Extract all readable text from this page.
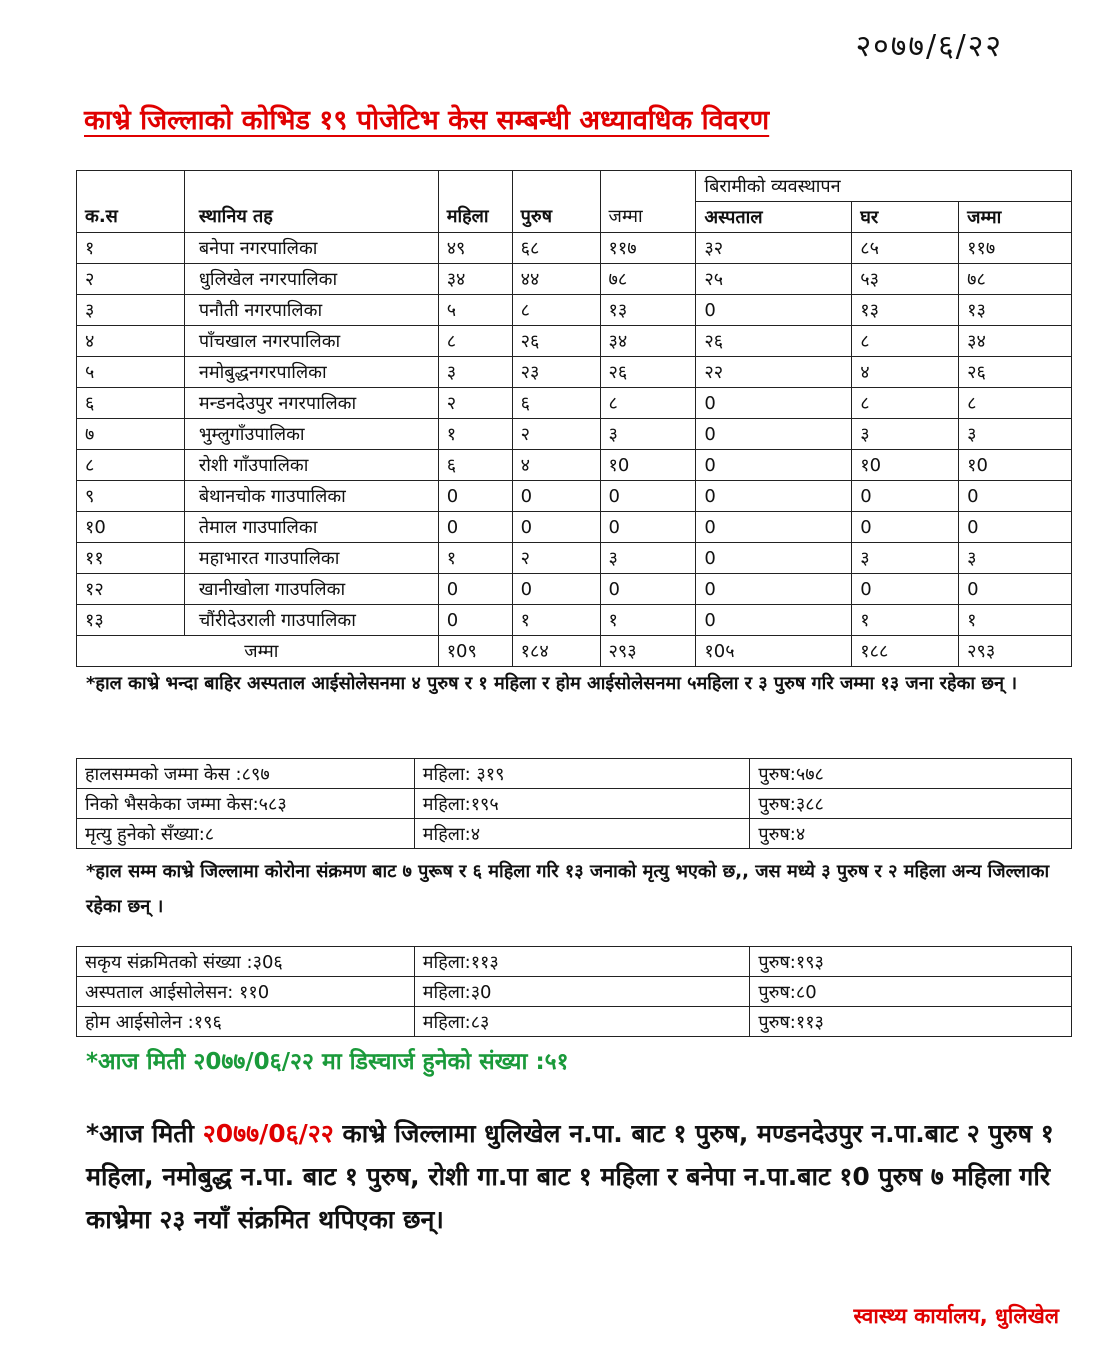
२०७७/६/२२
काभ्रे जिल्लाको कोभिड १९ पोजेटिभ केस सम्बन्धी अध्यावधिक विवरण
क.स	स्थानिय तह	महिला	पुरुष	जम्मा	बिरामीको व्यवस्थापन		
					अस्पताल	घर	जम्मा
१	बनेपा नगरपालिका	४९	६८	११७	३२	८५	११७
२	धुलिखेल नगरपालिका	३४	४४	७८	२५	५३	७८
३	पनौती नगरपालिका	५	८	१३	0	१३	१३
४	पाँचखाल नगरपालिका	८	२६	३४	२६	८	३४
५	नमोबुद्धनगरपालिका	३	२३	२६	२२	४	२६
६	मन्डनदेउपुर नगरपालिका	२	६	८	0	८	८
७	भुम्लुगाँउपालिका	१	२	३	0	३	३
८	रोशी गाँउपालिका	६	४	१0	0	१0	१0
९	बेथानचोक गाउपालिका	0	0	0	0	0	0
१0	तेमाल गाउपालिका	0	0	0	0	0	0
११	महाभारत गाउपालिका	१	२	३	0	३	३
१२	खानीखोला गाउपलिका	0	0	0	0	0	0
१३	चौंरीदेउराली गाउपालिका	0	१	१	0	१	१
जम्मा		१0९	१८४	२९३	१0५	१८८	२९३
*हाल काभ्रे भन्दा बाहिर अस्पताल आईसोलेसनमा ४ पुरुष र १ महिला र होम आईसोलेसनमा ५महिला र ३ पुरुष गरि जम्मा १३ जना रहेका छन् ।
हालसम्मको जम्मा केस :८९७	महिला: ३१९	पुरुष:५७८
निको भैसकेका जम्मा केस:५८३	महिला:१९५	पुरुष:३८८
मृत्यु हुनेको सँख्या:८	महिला:४	पुरुष:४
*हाल सम्म काभ्रे जिल्लामा कोरोना संक्रमण बाट ७ पुरूष र ६ महिला गरि १३ जनाको मृत्यु भएको छ,, जस मध्ये ३ पुरुष र २ महिला अन्य जिल्लाका रहेका छन् ।
सकृय संक्रमितको संख्या :३0६	महिला:११३	पुरुष:१९३
अस्पताल आईसोलेसन: ११0	महिला:३0	पुरुष:८0
होम आईसोलेन :१९६	महिला:८३	पुरुष:११३
*आज मिती २0७७/0६/२२ मा डिस्चार्ज हुनेको संख्या :५१
*आज मिती २0७७/0६/२२ काभ्रे जिल्लामा धुलिखेल न.पा. बाट १ पुरुष, मण्डनदेउपुर न.पा.बाट २ पुरुष १ महिला, नमोबुद्ध न.पा. बाट १ पुरुष, रोशी गा.पा बाट १ महिला र बनेपा न.पा.बाट १0 पुरुष ७ महिला गरि काभ्रेमा २३ नयाँ संक्रमित थपिएका छन्।
स्वास्थ्य कार्यालय, धुलिखेल
